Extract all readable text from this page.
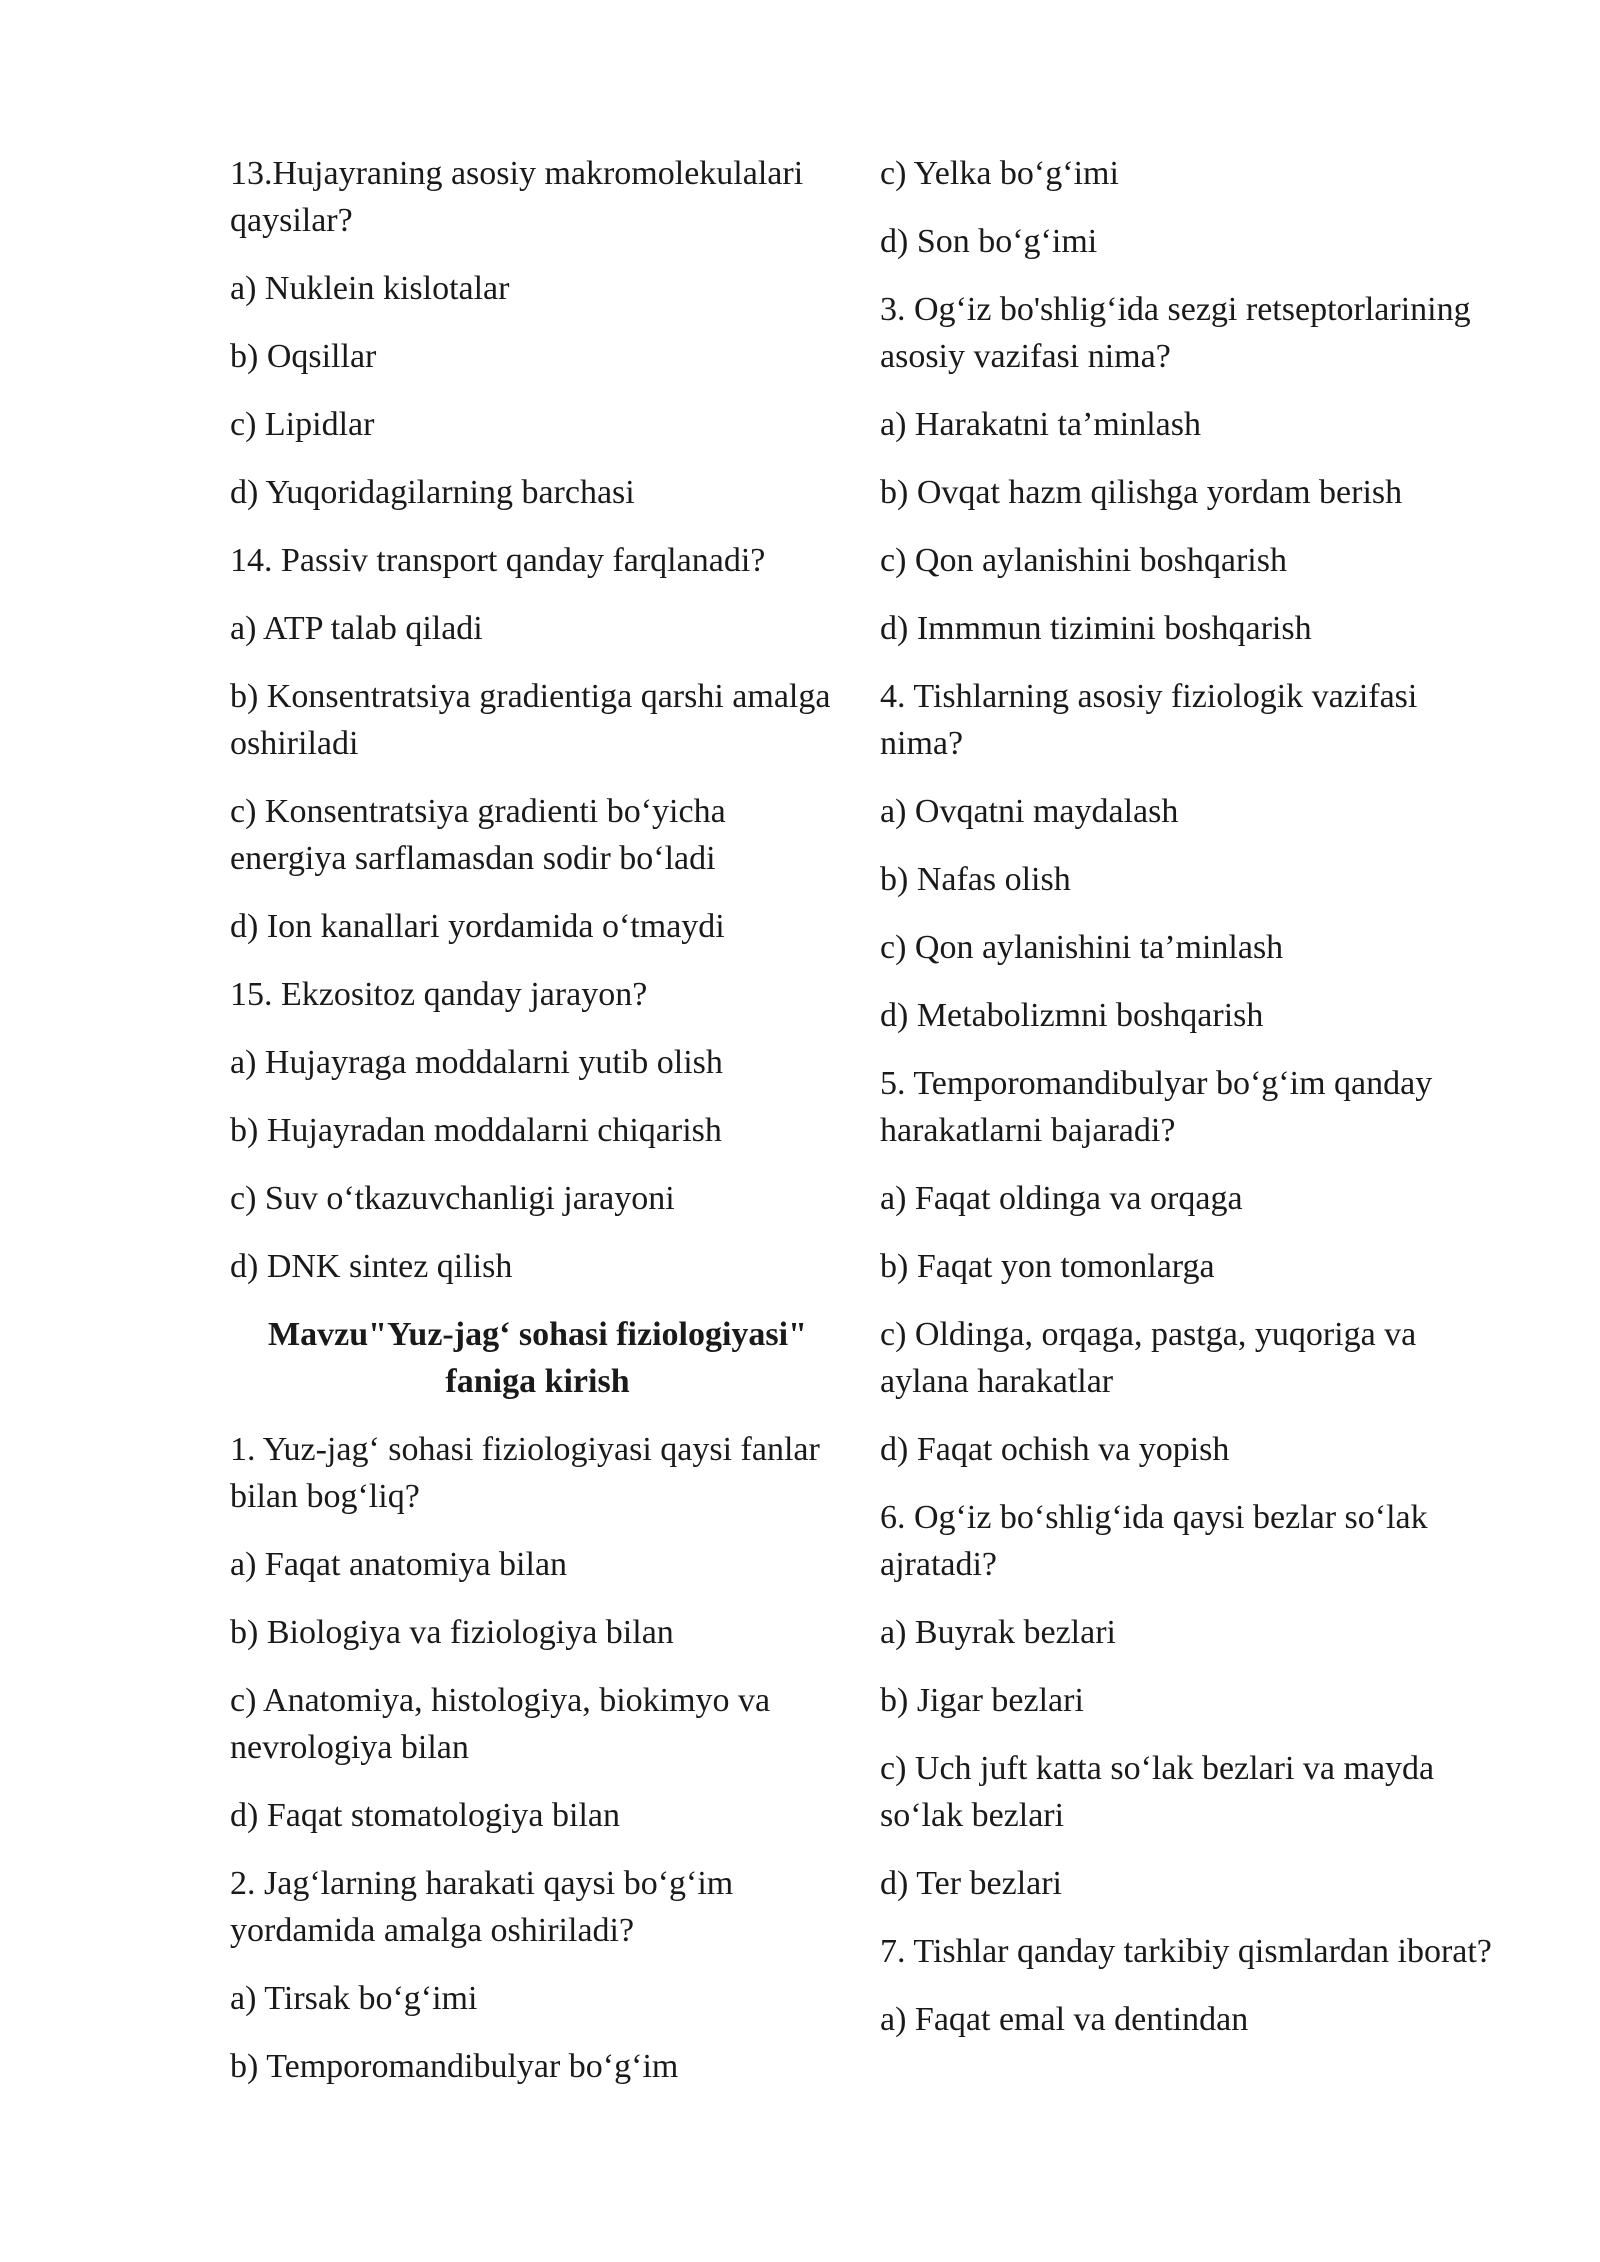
13.Hujayraning asosiy makromolekulalari qaysilar?

a) Nuklein kislotalar

b) Oqsillar

c) Lipidlar

d) Yuqoridagilarning barchasi

14. Passiv transport qanday farqlanadi?

a) ATP talab qiladi

b) Konsentratsiya gradientiga qarshi amalga oshiriladi

c) Konsentratsiya gradienti bo‘yicha energiya sarflamasdan sodir bo‘ladi

d) Ion kanallari yordamida o‘tmaydi

15. Ekzositoz qanday jarayon?

a) Hujayraga moddalarni yutib olish

b) Hujayradan moddalarni chiqarish

c) Suv o‘tkazuvchanligi jarayoni

d) DNK sintez qilish

Mavzu"Yuz-jag‘ sohasi fiziologiyasi" faniga kirish

1. Yuz-jag‘ sohasi fiziologiyasi qaysi fanlar bilan bog‘liq?

a) Faqat anatomiya bilan

b) Biologiya va fiziologiya bilan

c) Anatomiya, histologiya, biokimyo va nevrologiya bilan

d) Faqat stomatologiya bilan

2. Jag‘larning harakati qaysi bo‘g‘im yordamida amalga oshiriladi?

a) Tirsak bo‘g‘imi

b) Temporomandibulyar bo‘g‘im

c) Yelka bo‘g‘imi

d) Son bo‘g‘imi

3. Og‘iz bo'shlig‘ida sezgi retseptorlarining asosiy vazifasi nima?

a) Harakatni ta’minlash

b) Ovqat hazm qilishga yordam berish

c) Qon aylanishini boshqarish

d) Immmun tizimini boshqarish

4. Tishlarning asosiy fiziologik vazifasi nima?

a) Ovqatni maydalash

b) Nafas olish

c) Qon aylanishini ta’minlash

d) Metabolizmni boshqarish

5. Temporomandibulyar bo‘g‘im qanday harakatlarni bajaradi?

a) Faqat oldinga va orqaga

b) Faqat yon tomonlarga

c) Oldinga, orqaga, pastga, yuqoriga va aylana harakatlar

d) Faqat ochish va yopish

6. Og‘iz bo‘shlig‘ida qaysi bezlar so‘lak ajratadi?

a) Buyrak bezlari

b) Jigar bezlari

c) Uch juft katta so‘lak bezlari va mayda so‘lak bezlari

d) Ter bezlari

7. Tishlar qanday tarkibiy qismlardan iborat?

a) Faqat emal va dentindan
